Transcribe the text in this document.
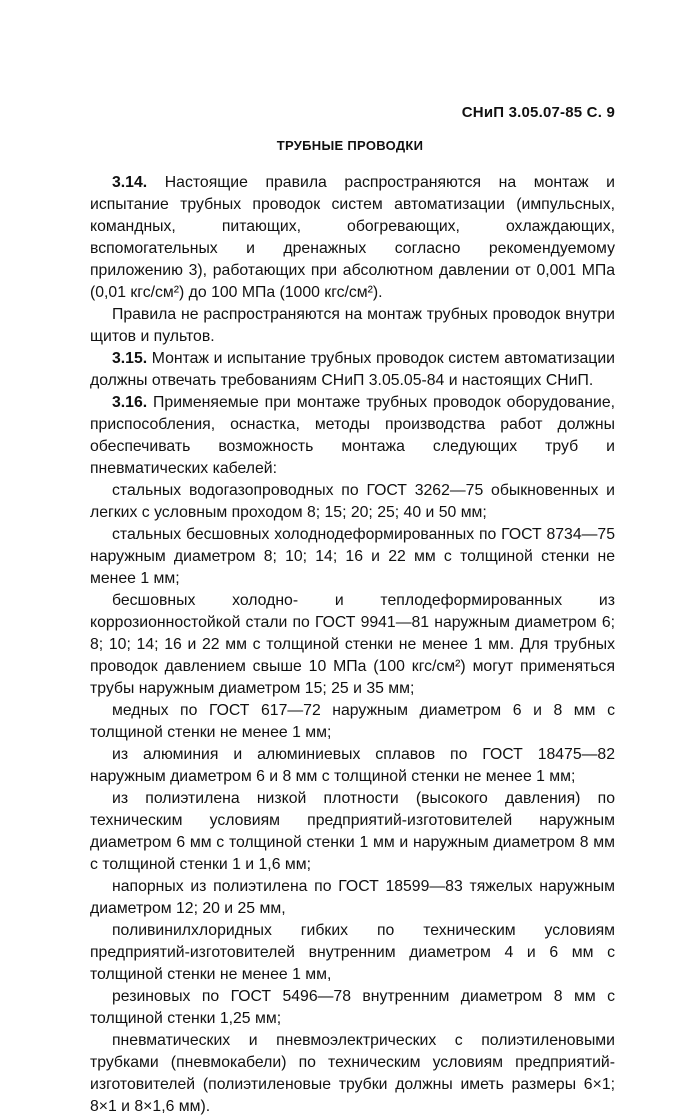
СНиП 3.05.07-85 С. 9
ТРУБНЫЕ ПРОВОДКИ

3.14. Настоящие правила распространяются на монтаж и испытание трубных проводок систем автоматизации (импульсных, командных, питающих, обогревающих, охлаждающих, вспомогательных и дренажных согласно рекомендуемому приложению 3), работающих при абсолютном давлении от 0,001 МПа (0,01 кгс/см²) до 100 МПа (1000 кгс/см²).

Правила не распространяются на монтаж трубных проводок внутри щитов и пультов.

3.15. Монтаж и испытание трубных проводок систем автоматизации должны отвечать требованиям СНиП 3.05.05-84 и настоящих СНиП.

3.16. Применяемые при монтаже трубных проводок оборудование, приспособления, оснастка, методы производства работ должны обеспечивать возможность монтажа следующих труб и пневматических кабелей:

стальных водогазопроводных по ГОСТ 3262—75 обыкновенных и легких с условным проходом 8; 15; 20; 25; 40 и 50 мм;

стальных бесшовных холоднодеформированных по ГОСТ 8734—75 наружным диаметром 8; 10; 14; 16 и 22 мм с толщиной стенки не менее 1 мм;

бесшовных холодно- и теплодеформированных из коррозионностойкой стали по ГОСТ 9941—81 наружным диаметром 6; 8; 10; 14; 16 и 22 мм с толщиной стенки не менее 1 мм. Для трубных проводок давлением свыше 10 МПа (100 кгс/см²) могут применяться трубы наружным диаметром 15; 25 и 35 мм;

медных по ГОСТ 617—72 наружным диаметром 6 и 8 мм с толщиной стенки не менее 1 мм;

из алюминия и алюминиевых сплавов по ГОСТ 18475—82 наружным диаметром 6 и 8 мм с толщиной стенки не менее 1 мм;

из полиэтилена низкой плотности (высокого давления) по техническим условиям предприятий-изготовителей наружным диаметром 6 мм с толщиной стенки 1 мм и наружным диаметром 8 мм с толщиной стенки 1 и 1,6 мм;

напорных из полиэтилена по ГОСТ 18599—83 тяжелых наружным диаметром 12; 20 и 25 мм,

поливинилхлоридных гибких по техническим условиям предприятий-изготовителей внутренним диаметром 4 и 6 мм с толщиной стенки не менее 1 мм,

резиновых по ГОСТ 5496—78 внутренним диаметром 8 мм с толщиной стенки 1,25 мм;

пневматических и пневмоэлектрических с полиэтиленовыми трубками (пневмокабели) по техническим условиям предприятий-изготовителей (полиэтиленовые трубки должны иметь размеры 6×1; 8×1 и 8×1,6 мм).
